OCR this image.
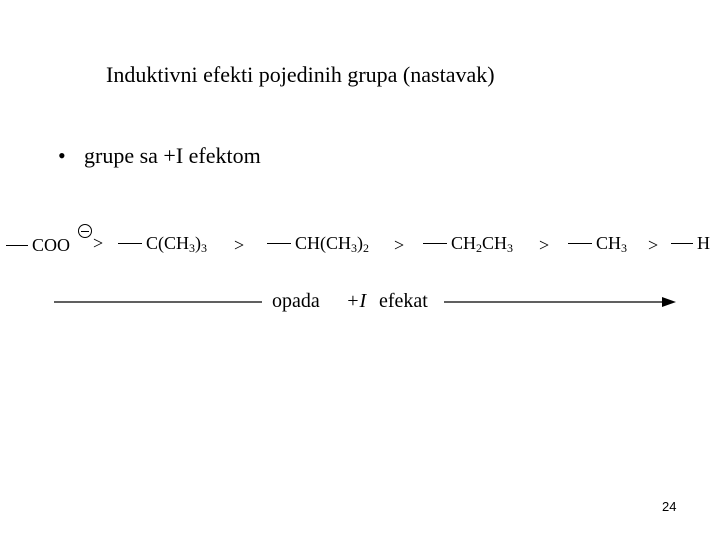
Induktivni efekti pojedinih grupa (nastavak)
• grupe sa +I efektom
COO >	$C(CH_3)_3$ >	$CH(CH_3)_2$ >	$CH_2CH_3$ >	$CH_3$ >	H
opada +I efekat
24
